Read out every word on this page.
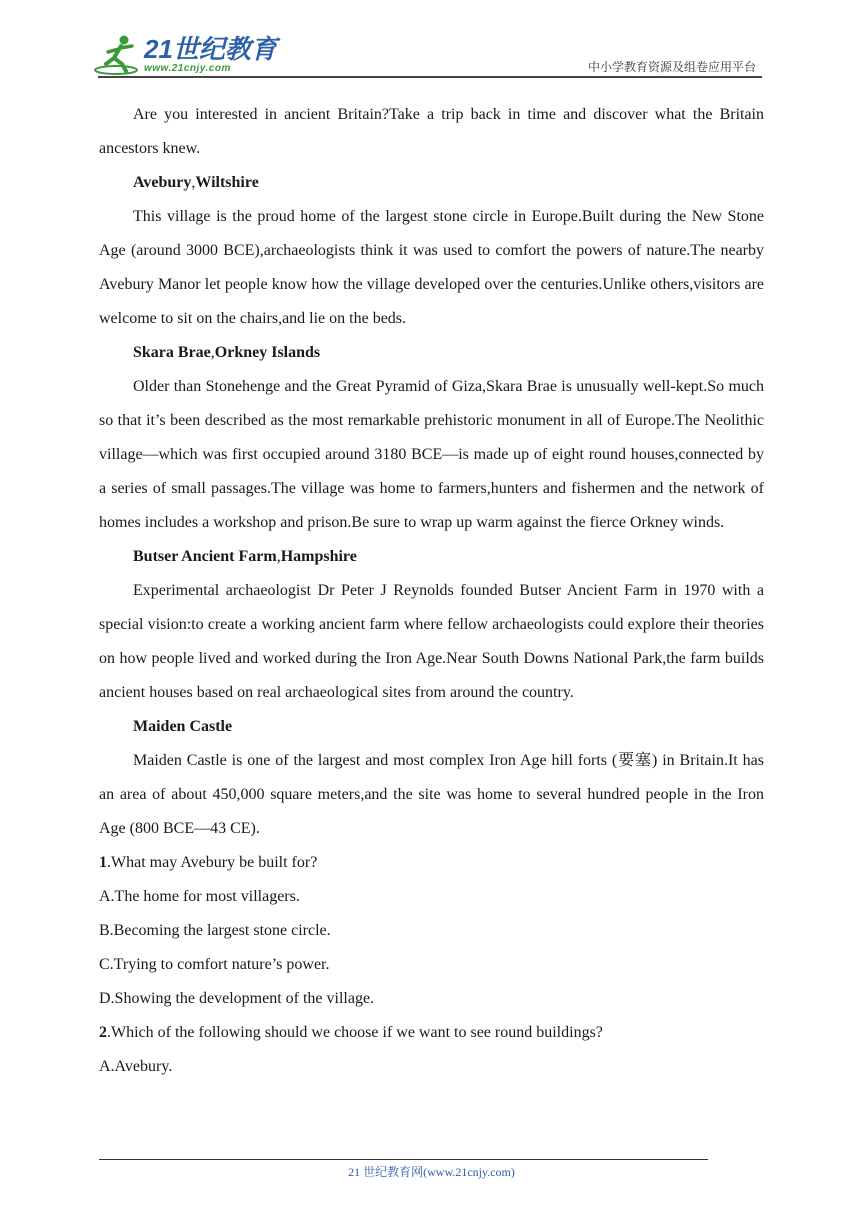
21世纪教育
www.21cnjy.com	中小学教育资源及组卷应用平台

Are you interested in ancient Britain?Take a trip back in time and discover what the Britain ancestors knew.

Avebury,Wiltshire

This village is the proud home of the largest stone circle in Europe.Built during the New Stone Age (around 3000 BCE),archaeologists think it was used to comfort the powers of nature.The nearby Avebury Manor let people know how the village developed over the centuries.Unlike others,visitors are welcome to sit on the chairs,and lie on the beds.

Skara Brae,Orkney Islands

Older than Stonehenge and the Great Pyramid of Giza,Skara Brae is unusually well-kept.So much so that it’s been described as the most remarkable prehistoric monument in all of Europe.The Neolithic village—which was first occupied around 3180 BCE—is made up of eight round houses,connected by a series of small passages.The village was home to farmers,hunters and fishermen and the network of homes includes a workshop and prison.Be sure to wrap up warm against the fierce Orkney winds.

Butser Ancient Farm,Hampshire

Experimental archaeologist Dr Peter J Reynolds founded Butser Ancient Farm in 1970 with a special vision:to create a working ancient farm where fellow archaeologists could explore their theories on how people lived and worked during the Iron Age.Near South Downs National Park,the farm builds ancient houses based on real archaeological sites from around the country.

Maiden Castle

Maiden Castle is one of the largest and most complex Iron Age hill forts (要塞) in Britain.It has an area of about 450,000 square meters,and the site was home to several hundred people in the Iron Age (800 BCE—43 CE).

1.What may Avebury be built for?

A.The home for most villagers.

B.Becoming the largest stone circle.

C.Trying to comfort nature’s power.

D.Showing the development of the village.

2.Which of the following should we choose if we want to see round buildings?

A.Avebury.

21 世纪教育网(www.21cnjy.com)
